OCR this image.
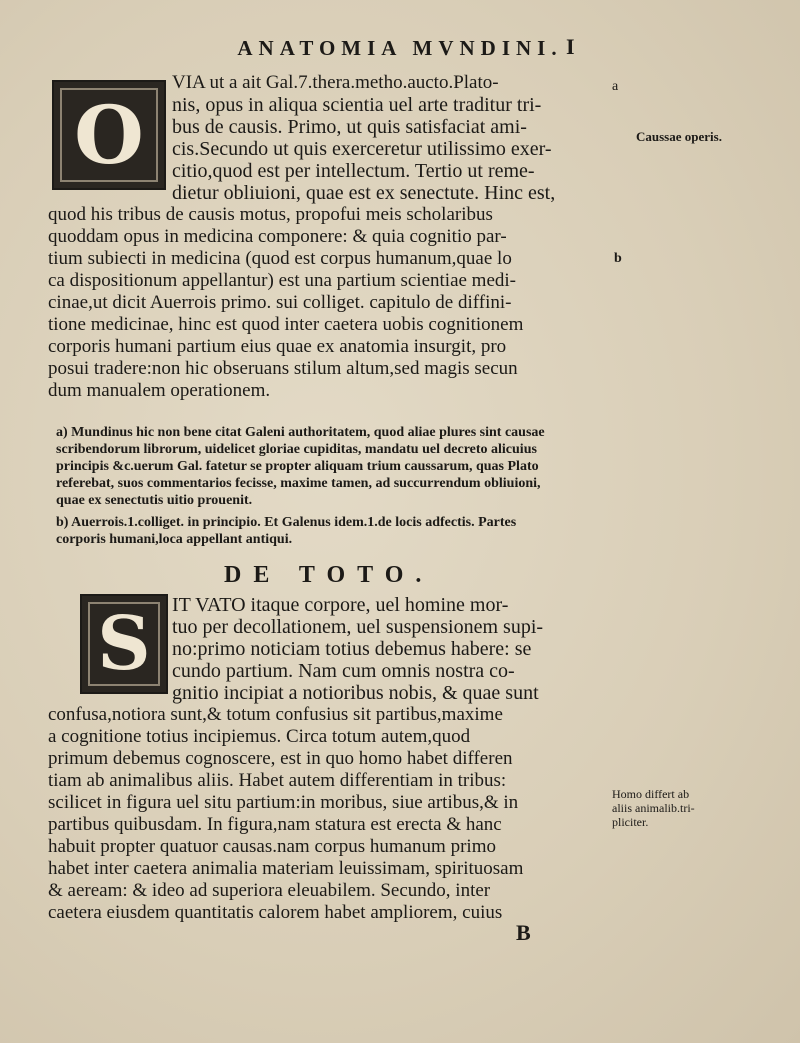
ANATOMIA MVNDINI. I
O
VIA ut a ait Gal.7.thera.metho.aucto.Plato-
nis, opus in aliqua scientia uel arte traditur tri-
bus de causis. Primo, ut quis satisfaciat ami-
cis.Secundo ut quis exerceretur utilissimo exer-
citio,quod est per intellectum. Tertio ut reme-
dietur obliuioni, quae est ex senectute. Hinc est,
quod his tribus de causis motus, propofui meis scholaribus
quoddam opus in medicina componere: & quia cognitio par-
tium subiecti in medicina (quod est corpus humanum,quae lo
ca dispositionum appellantur) est una partium scientiae medi-
cinae,ut dicit Auerrois primo. sui colliget. capitulo de diffini-
tione medicinae, hinc est quod inter caetera uobis cognitionem
corporis humani partium eius quae ex anatomia insurgit, pro
posui tradere:non hic obseruans stilum altum,sed magis secun
dum manualem operationem.
a
Caussae operis.
b
a) Mundinus hic non bene citat Galeni authoritatem, quod aliae plures sint causae
scribendorum librorum, uidelicet gloriae cupiditas, mandatu uel decreto alicuius
principis &c.uerum Gal. fatetur se propter aliquam trium caussarum, quas Plato
referebat, suos commentarios fecisse, maxime tamen, ad succurrendum obliuioni,
quae ex senectutis uitio prouenit.
b) Auerrois.1.colliget. in principio. Et Galenus idem.1.de locis adfectis. Partes
corporis humani,loca appellant antiqui.
DE TOTO.
S IT VATO itaque corpore, uel homine mor-
tuo per decollationem, uel suspensionem supi-
no:primo noticiam totius debemus habere: se
cundo partium. Nam cum omnis nostra co-
gnitio incipiat a notioribus nobis, & quae sunt
confusa,notiora sunt,& totum confusius sit partibus,maxime
a cognitione totius incipiemus. Circa totum autem,quod
primum debemus cognoscere, est in quo homo habet differen
tiam ab animalibus aliis. Habet autem differentiam in tribus:
scilicet in figura uel situ partium:in moribus, siue artibus,& in
partibus quibusdam. In figura,nam statura est erecta & hanc
habuit propter quatuor causas.nam corpus humanum primo
habet inter caetera animalia materiam leuissimam, spirituosam
& aeream: & ideo ad superiora eleuabilem. Secundo, inter
caetera eiusdem quantitatis calorem habet ampliorem, cuius
Homo differt ab
aliis animalib.tri-
pliciter.
B
